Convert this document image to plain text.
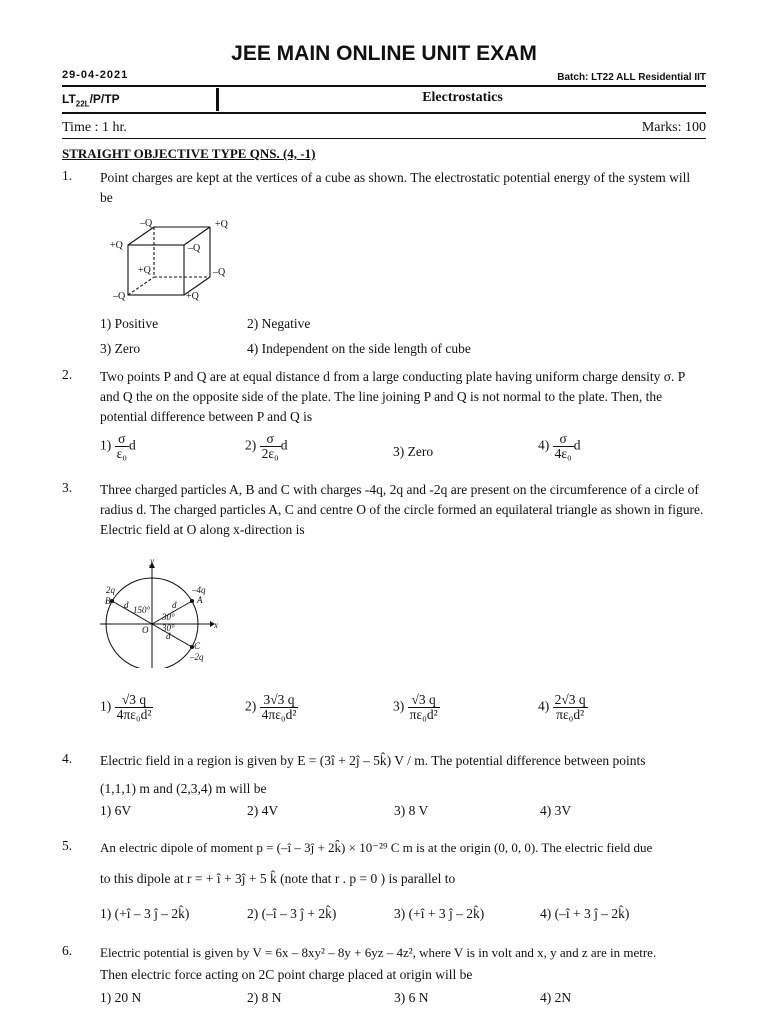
JEE MAIN ONLINE UNIT EXAM
29-04-2021	Batch: LT22 ALL Residential IIT
$LT_{22L}/P/TP$	Electrostatics
Time : 1 hr.	Marks: 100
STRAIGHT OBJECTIVE TYPE QNS. (4, -1)
1. Point charges are kept at the vertices of a cube as shown. The electrostatic potential energy of the system will be
–Q	+Q
+Q	–Q
+Q	–Q
–Q	+Q
1) Positive	2) Negative
3) Zero	4) Independent on the side length of cube
2. Two points P and Q are at equal distance d from a large conducting plate having uniform charge density σ. P and Q the on the opposite side of the plate. The line joining P and Q is not normal to the plate. Then, the potential difference between P and Q is
$1) \frac{\sigma}{\text{ε₀}}$ d	$2) \frac{\sigma}{\text{2ε₀}}$ d	3) Zero	$4) \frac{\sigma}{\text{4ε₀}}$ d
3. Three charged particles A, B and C with charges -4q, 2q and -2q are present on the circumference of a circle of radius d. The charged particles A, C and centre O of the circle formed an equilateral triangle as shown in figure. Electric field at O along x-direction is
y
x
O
A
B
C
–4q
2q
–2q
150°
30°
30°
d	d
d
$1) \frac{√3 q}{\text{4πε₀d²}}$	$2) \frac{3√3 q}{\text{4πε₀d²}}$	$3) \frac{√3 q}{\text{πε₀d²}}$	$4) \frac{2√3 q}{\text{πε₀d²}}$
4. Electric field in a region is given by E = (3î + 2ĵ – 5k̂) V / m. The potential difference between points
(1,1,1) m and (2,3,4) m will be
1) 6V	2) 4V	3) 8 V	4) 3V
5. An electric dipole of moment p = (–î – 3ĵ + 2k̂) × 10⁻²⁹ C m is at the origin (0, 0, 0). The electric field due
to this dipole at r = + î + 3ĵ + 5 k̂ (note that r . p = 0 ) is parallel to
1) (+î – 3 ĵ – 2k̂)	2) (–î – 3 ĵ + 2k̂)	3) (+î + 3 ĵ – 2k̂)	4) (–î + 3 ĵ – 2k̂)
6. Electric potential is given by V = 6x – 8xy² – 8y + 6yz – 4z², where V is in volt and x, y and z are in metre.
Then electric force acting on 2C point charge placed at origin will be
1) 20 N	2) 8 N	3) 6 N	4) 2N
